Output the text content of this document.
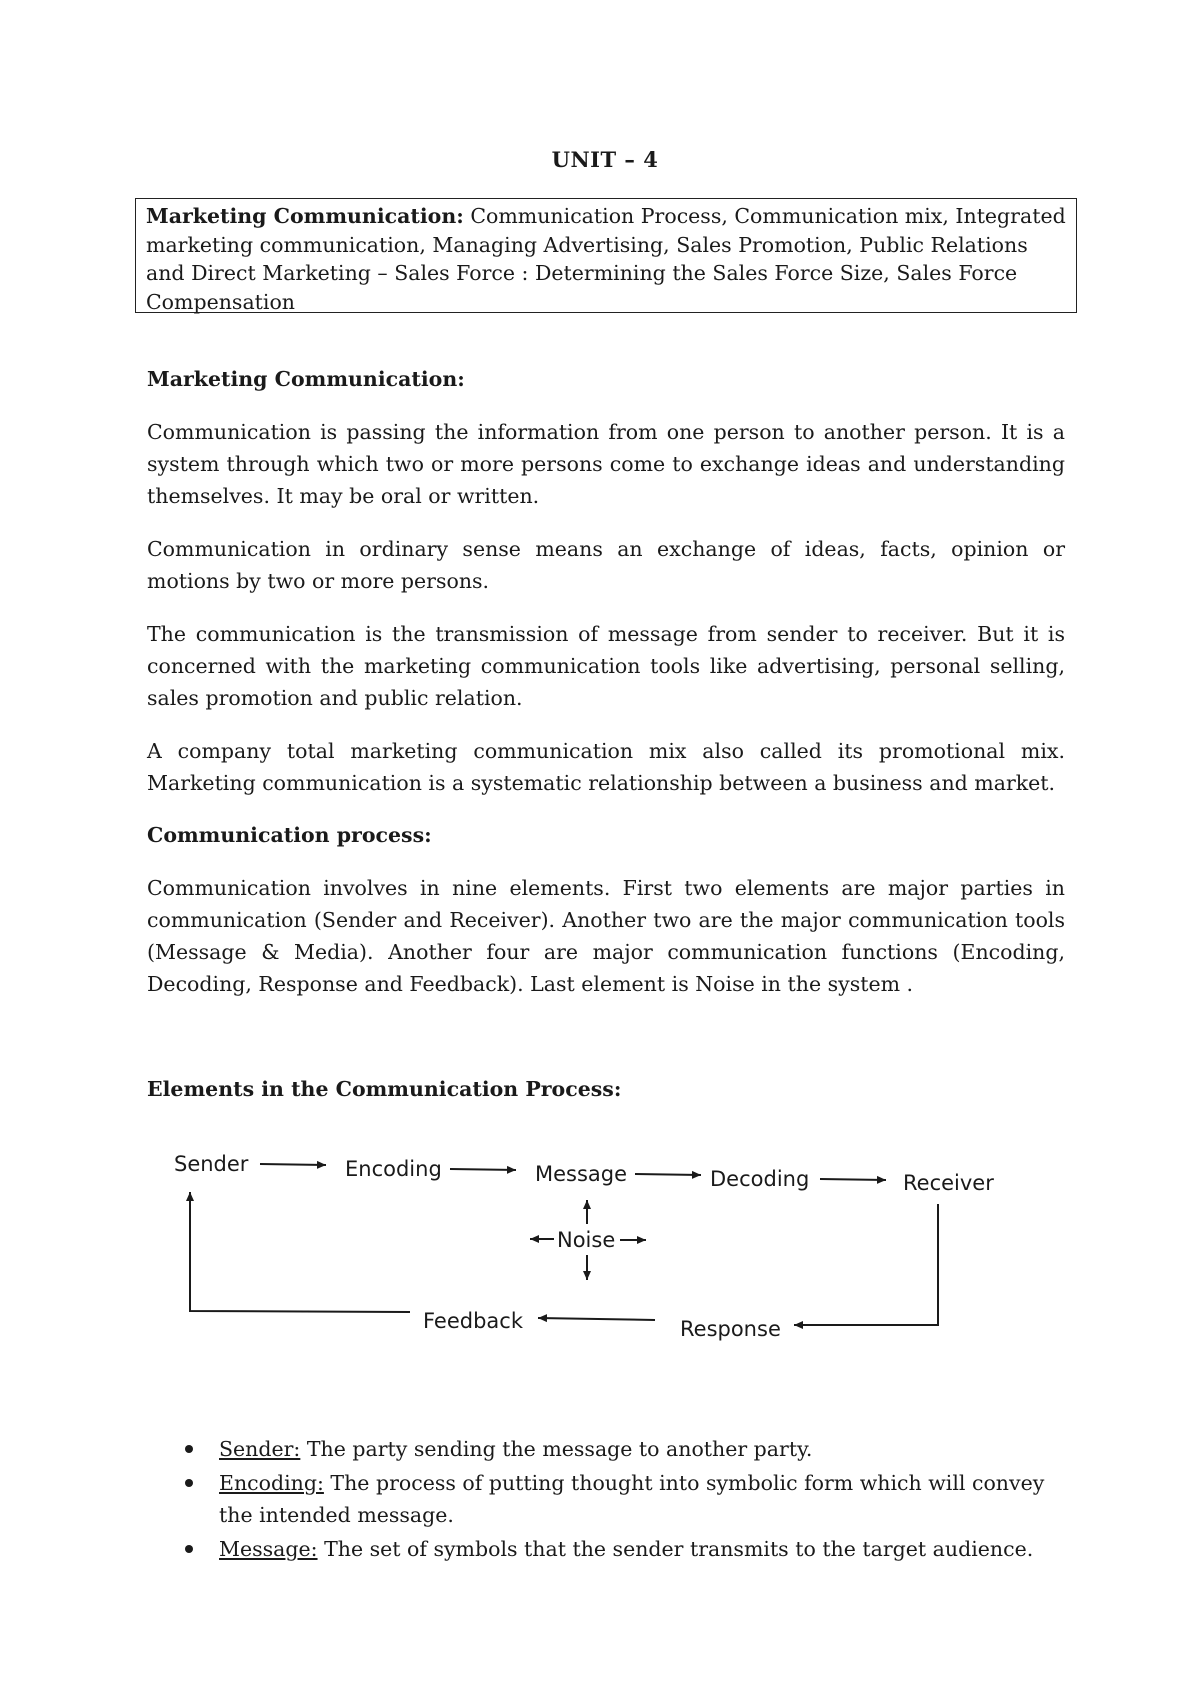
UNIT – 4
Marketing Communication: Communication Process, Communication mix, Integrated marketing communication, Managing Advertising, Sales Promotion, Public Relations and Direct Marketing – Sales Force : Determining the Sales Force Size, Sales Force Compensation
Marketing Communication:

Communication is passing the information from one person to another person. It is a system through which two or more persons come to exchange ideas and understanding themselves. It may be oral or written.

Communication in ordinary sense means an exchange of ideas, facts, opinion or motions by two or more persons.

The communication is the transmission of message from sender to receiver. But it is concerned with the marketing communication tools like advertising, personal selling, sales promotion and public relation.

A company total marketing communication mix also called its promotional mix. Marketing communication is a systematic relationship between a business and market.

Communication process:

Communication involves in nine elements. First two elements are major parties in communication (Sender and Receiver). Another two are the major communication tools (Message & Media). Another four are major communication functions (Encoding, Decoding, Response and Feedback). Last element is Noise in the system .

Elements in the Communication Process:
Sender	Encoding	Message	Decoding	Receiver
Noise
Feedback	Response
Sender: The party sending the message to another party.
Encoding: The process of putting thought into symbolic form which will convey the intended message.
Message: The set of symbols that the sender transmits to the target audience.
